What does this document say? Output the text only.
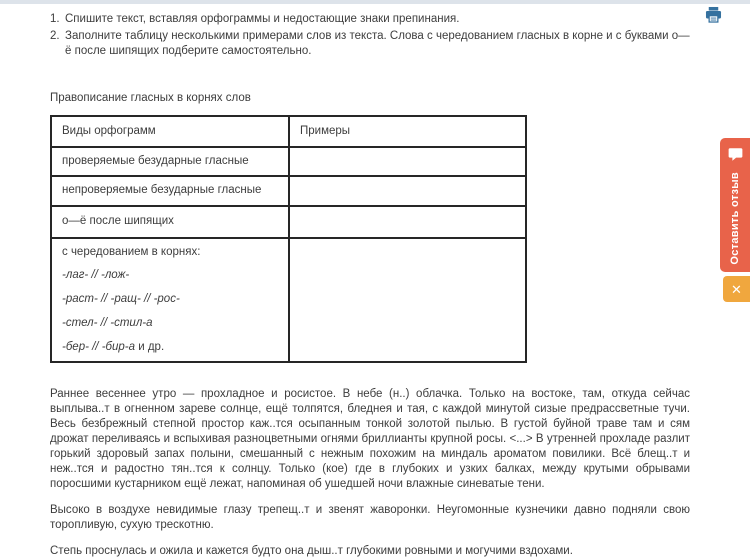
1. Спишите текст, вставляя орфограммы и недостающие знаки препинания.
2. Заполните таблицу несколькими примерами слов из текста. Слова с чередованием гласных в корне и с буквами о—ё после шипящих подберите самостоятельно.
Правописание гласных в корнях слов
Виды орфограмм	Примеры
проверяемые безударные гласные	
непроверяемые безударные гласные	
о—ё после шипящих	

с чередованием в корнях:
-лаг- // -лож-
-раст- // -ращ- // -рос-
-стел- // -стил-а
-бер- // -бир-а и др.	

Раннее весеннее утро — прохладное и росистое. В небе (н..) облачка. Только на востоке, там, откуда сейчас выплыва..т в огненном зареве солнце, ещё толпятся, бледнея и тая, с каждой минутой сизые предрассветные тучи. Весь безбрежный степной простор каж..тся осыпанным тонкой золотой пылью. В густой буйной траве там и сям дрожат переливаясь и вспыхивая разноцветными огнями бриллианты крупной росы. <...> В утренней прохладе разлит горький здоровый запах полыни, смешанный с нежным похожим на миндаль ароматом повилики. Всё блещ..т и неж..тся и радостно тян..тся к солнцу. Только (кое) где в глубоких и узких балках, между крутыми обрывами поросшими кустарником ещё лежат, напоминая об ушедшей ночи влажные синеватые тени.

Высоко в воздухе невидимые глазу трепещ..т и звенят жаворонки. Неугомонные кузнечики давно подняли свою торопливую, сухую трескотню.

Степь проснулась и ожила и кажется будто она дыш..т глубокими ровными и могучими вздохами.

Оставить отзыв
✕
